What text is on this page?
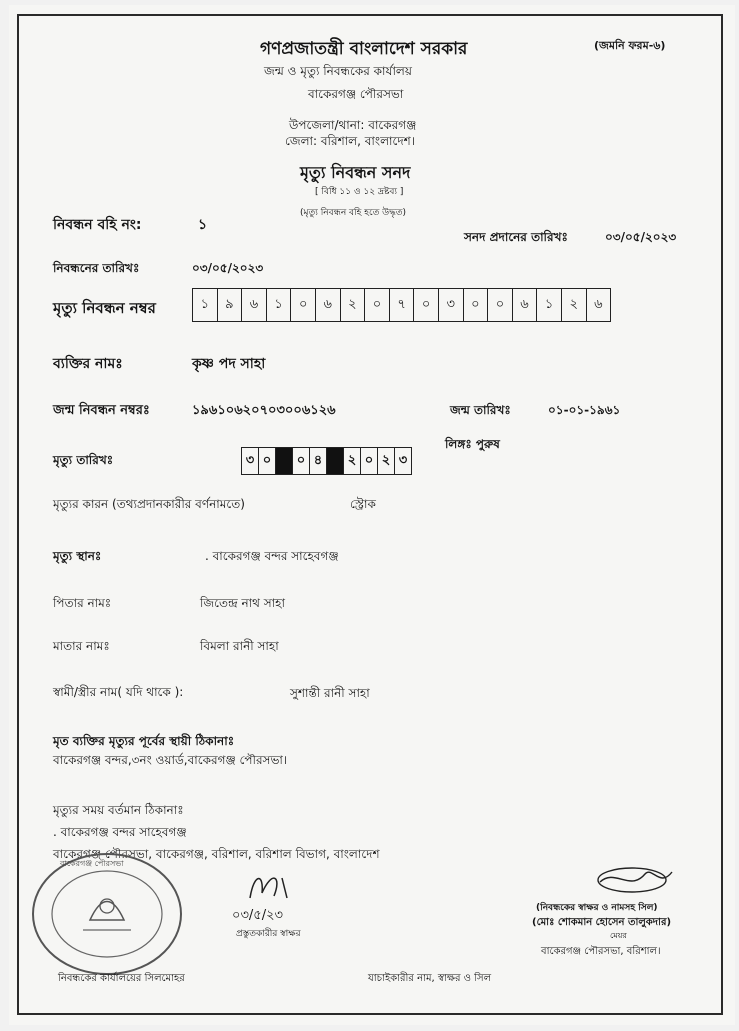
গণপ্রজাতন্ত্রী বাংলাদেশ সরকার	(জমনি ফরম-৬)
জন্ম ও মৃত্যু নিবন্ধকের কার্যালয়
বাকেরগঞ্জ পৌরসভা
উপজেলা/থানা: বাকেরগঞ্জ
জেলা: বরিশাল, বাংলাদেশ।
মৃত্যু নিবন্ধন সনদ
[ বিধি ১১ ও ১২ দ্রষ্টব্য ]
(মৃত্যু নিবন্ধন বহি হতে উদ্ধৃত)
নিবন্ধন বহি নং:	১
সনদ প্রদানের তারিখঃ	০৩/০৫/২০২৩
নিবন্ধনের তারিখঃ	০৩/০৫/২০২৩
মৃত্যু নিবন্ধন নম্বর	১	৯	৬	১	০	৬	২	০	৭	০	৩	০	০	৬	১	২	৬
ব্যক্তির নামঃ	কৃষ্ণ পদ সাহা
জন্ম নিবন্ধন নম্বরঃ	১৯৬১০৬২০৭০৩০০৬১২৬	জন্ম তারিখঃ	০১-০১-১৯৬১
লিঙ্গঃ পুরুষ
মৃত্যু তারিখঃ	৩ ০	০ ৪	২ ০ ২ ৩
মৃত্যুর কারন (তথ্যপ্রদানকারীর বর্ণনামতে)	স্ট্রোক
মৃত্যু স্থানঃ	. বাকেরগঞ্জ বন্দর সাহেবগঞ্জ
পিতার নামঃ	জিতেন্দ্র নাথ সাহা
মাতার নামঃ	বিমলা রানী সাহা
স্বামী/স্ত্রীর নাম( যদি থাকে ):	সুশান্তী রানী সাহা
মৃত ব্যক্তির মৃত্যুর পূর্বের স্থায়ী ঠিকানাঃ
বাকেরগঞ্জ বন্দর,৩নং ওয়ার্ড,বাকেরগঞ্জ পৌরসভা।
মৃত্যুর সময় বর্তমান ঠিকানাঃ
. বাকেরগঞ্জ বন্দর সাহেবগঞ্জ
বাকেরগঞ্জ পৌরসভা, বাকেরগঞ্জ, বরিশাল, বরিশাল বিভাগ, বাংলাদেশ
বাকেরগঞ্জ পৌরসভা
০৩/৫/২৩
প্রস্তুতকারীর স্বাক্ষর
(নিবন্ধকের স্বাক্ষর ও নামসহ সিল)
(মোঃ শোকমান হোসেন তালুকদার)
মেয়র
বাকেরগঞ্জ পৌরসভা, বরিশাল।
নিবন্ধকের কার্যালয়ের সিলমোহর	যাচাইকারীর নাম, স্বাক্ষর ও সিল
